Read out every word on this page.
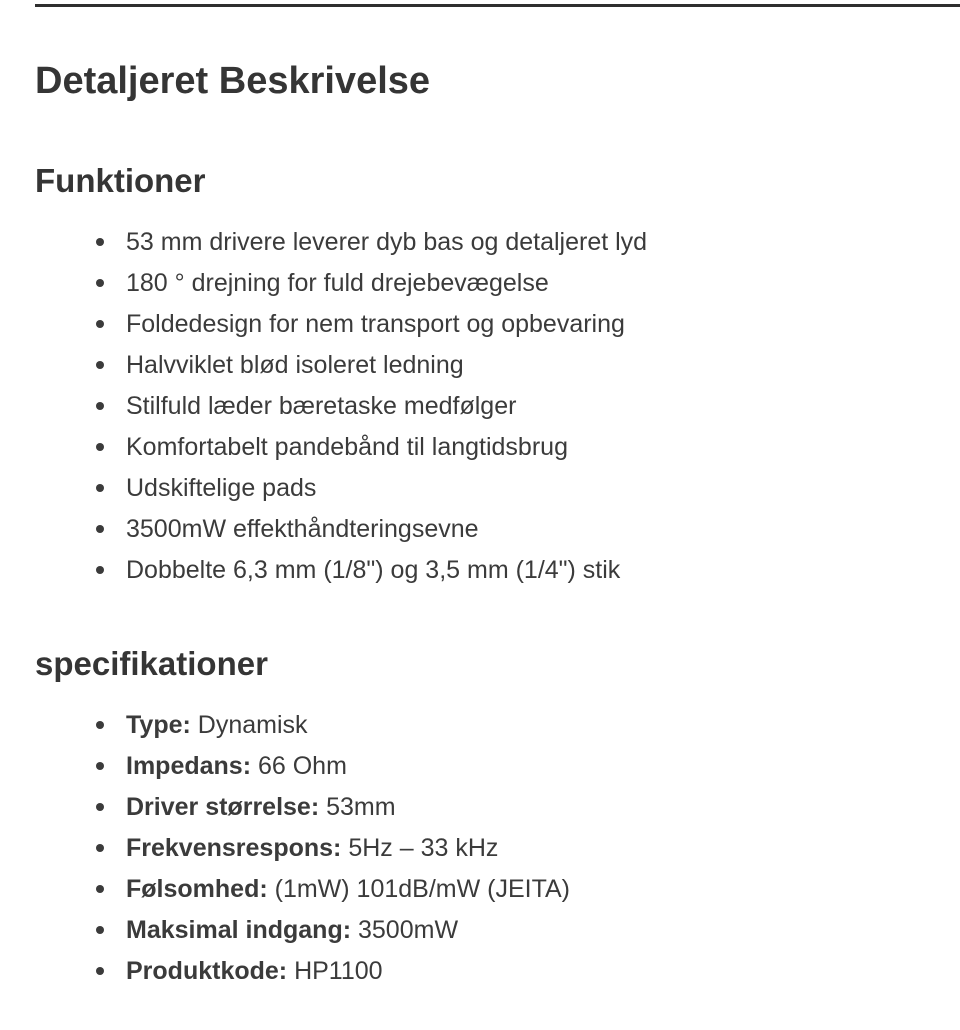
Detaljeret Beskrivelse
Funktioner
53 mm drivere leverer dyb bas og detaljeret lyd
180 ° drejning for fuld drejebevægelse
Foldedesign for nem transport og opbevaring
Halvviklet blød isoleret ledning
Stilfuld læder bæretaske medfølger
Komfortabelt pandebånd til langtidsbrug
Udskiftelige pads
3500mW effekthåndteringsevne
Dobbelte 6,3 mm (1/8") og 3,5 mm (1/4") stik
specifikationer
Type: Dynamisk
Impedans: 66 Ohm
Driver størrelse: 53mm
Frekvensrespons: 5Hz – 33 kHz
Følsomhed: (1mW) 101dB/mW (JEITA)
Maksimal indgang: 3500mW
Produktkode: HP1100
